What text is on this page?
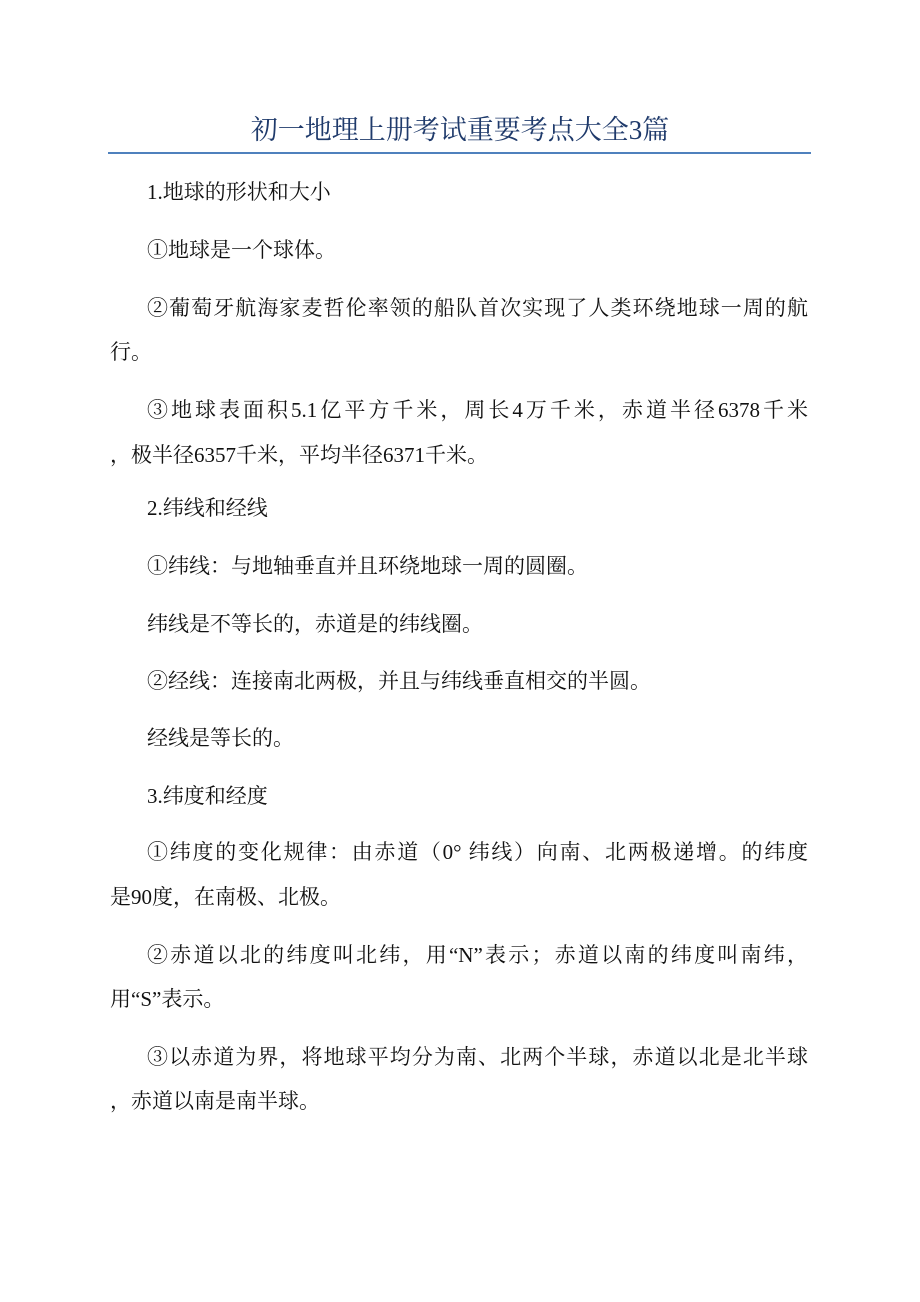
初一地理上册考试重要考点大全3篇
1.地球的形状和大小
①地球是一个球体。
②葡萄牙航海家麦哲伦率领的船队首次实现了人类环绕地球一周的航
行。
③地球表面积5.1亿平方千米，周长4万千米，赤道半径6378千米
，极半径6357千米，平均半径6371千米。
2.纬线和经线
①纬线：与地轴垂直并且环绕地球一周的圆圈。
纬线是不等长的，赤道是的纬线圈。
②经线：连接南北两极，并且与纬线垂直相交的半圆。
经线是等长的。
3.纬度和经度
①纬度的变化规律：由赤道（0° 纬线）向南、北两极递增。的纬度
是90度，在南极、北极。
②赤道以北的纬度叫北纬，用“N”表示；赤道以南的纬度叫南纬，
用“S”表示。
③以赤道为界，将地球平均分为南、北两个半球，赤道以北是北半球
，赤道以南是南半球。
